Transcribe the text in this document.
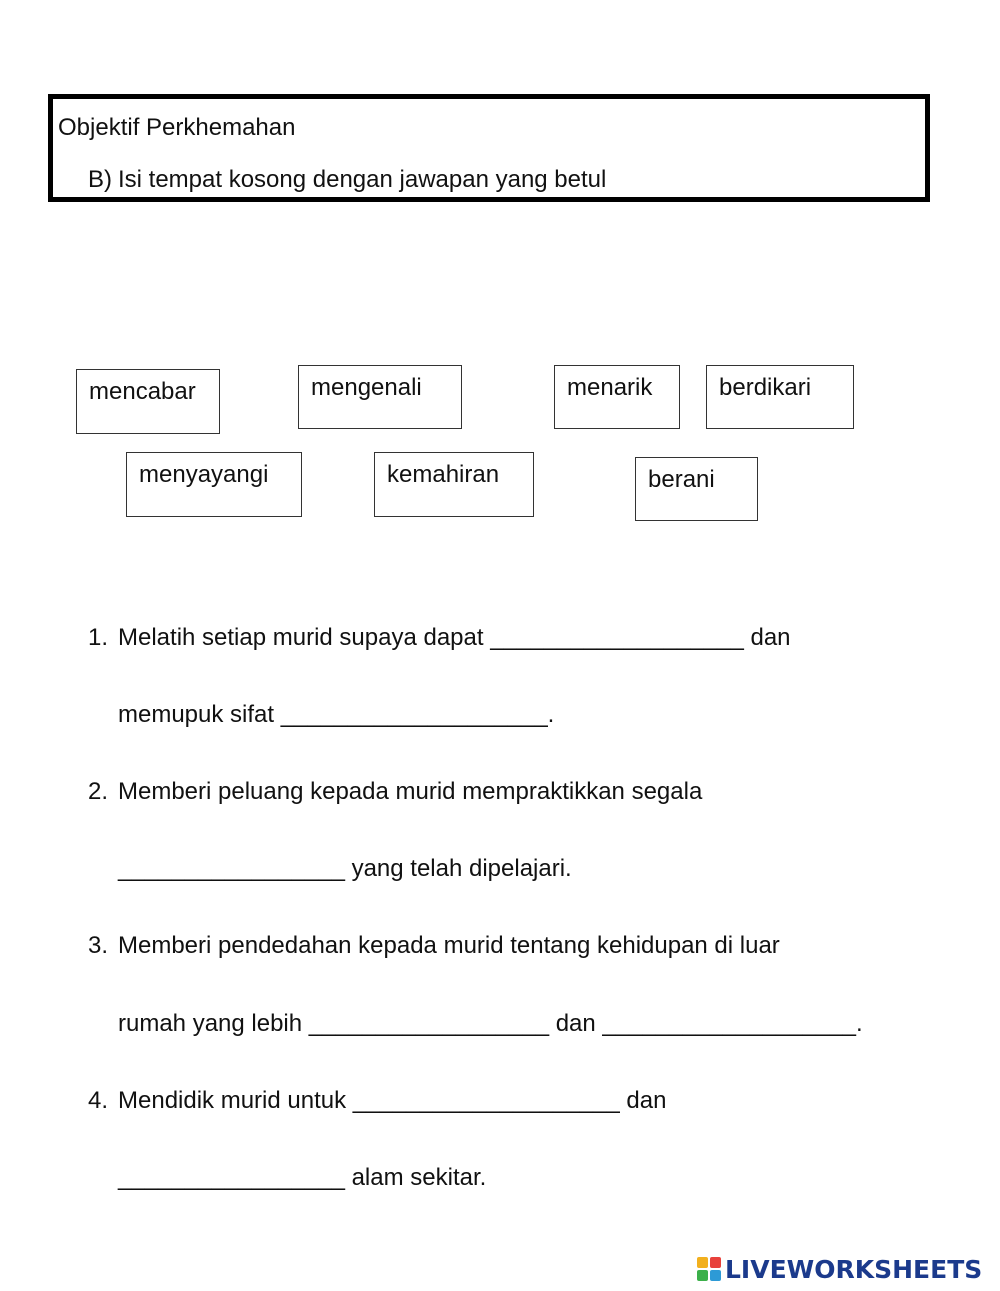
Objektif Perkhemahan
B) Isi tempat kosong dengan jawapan yang betul
mencabar	mengenali	menarik	berdikari
menyayangi	kemahiran	berani
1. Melatih setiap murid supaya dapat ___________________ dan
memupuk sifat ____________________.
2. Memberi peluang kepada murid mempraktikkan segala
_________________ yang telah dipelajari.
3. Memberi pendedahan kepada murid tentang kehidupan di luar
rumah yang lebih __________________ dan ___________________.
4. Mendidik murid untuk ____________________ dan
_________________ alam sekitar.
LIVEWORKSHEETS
